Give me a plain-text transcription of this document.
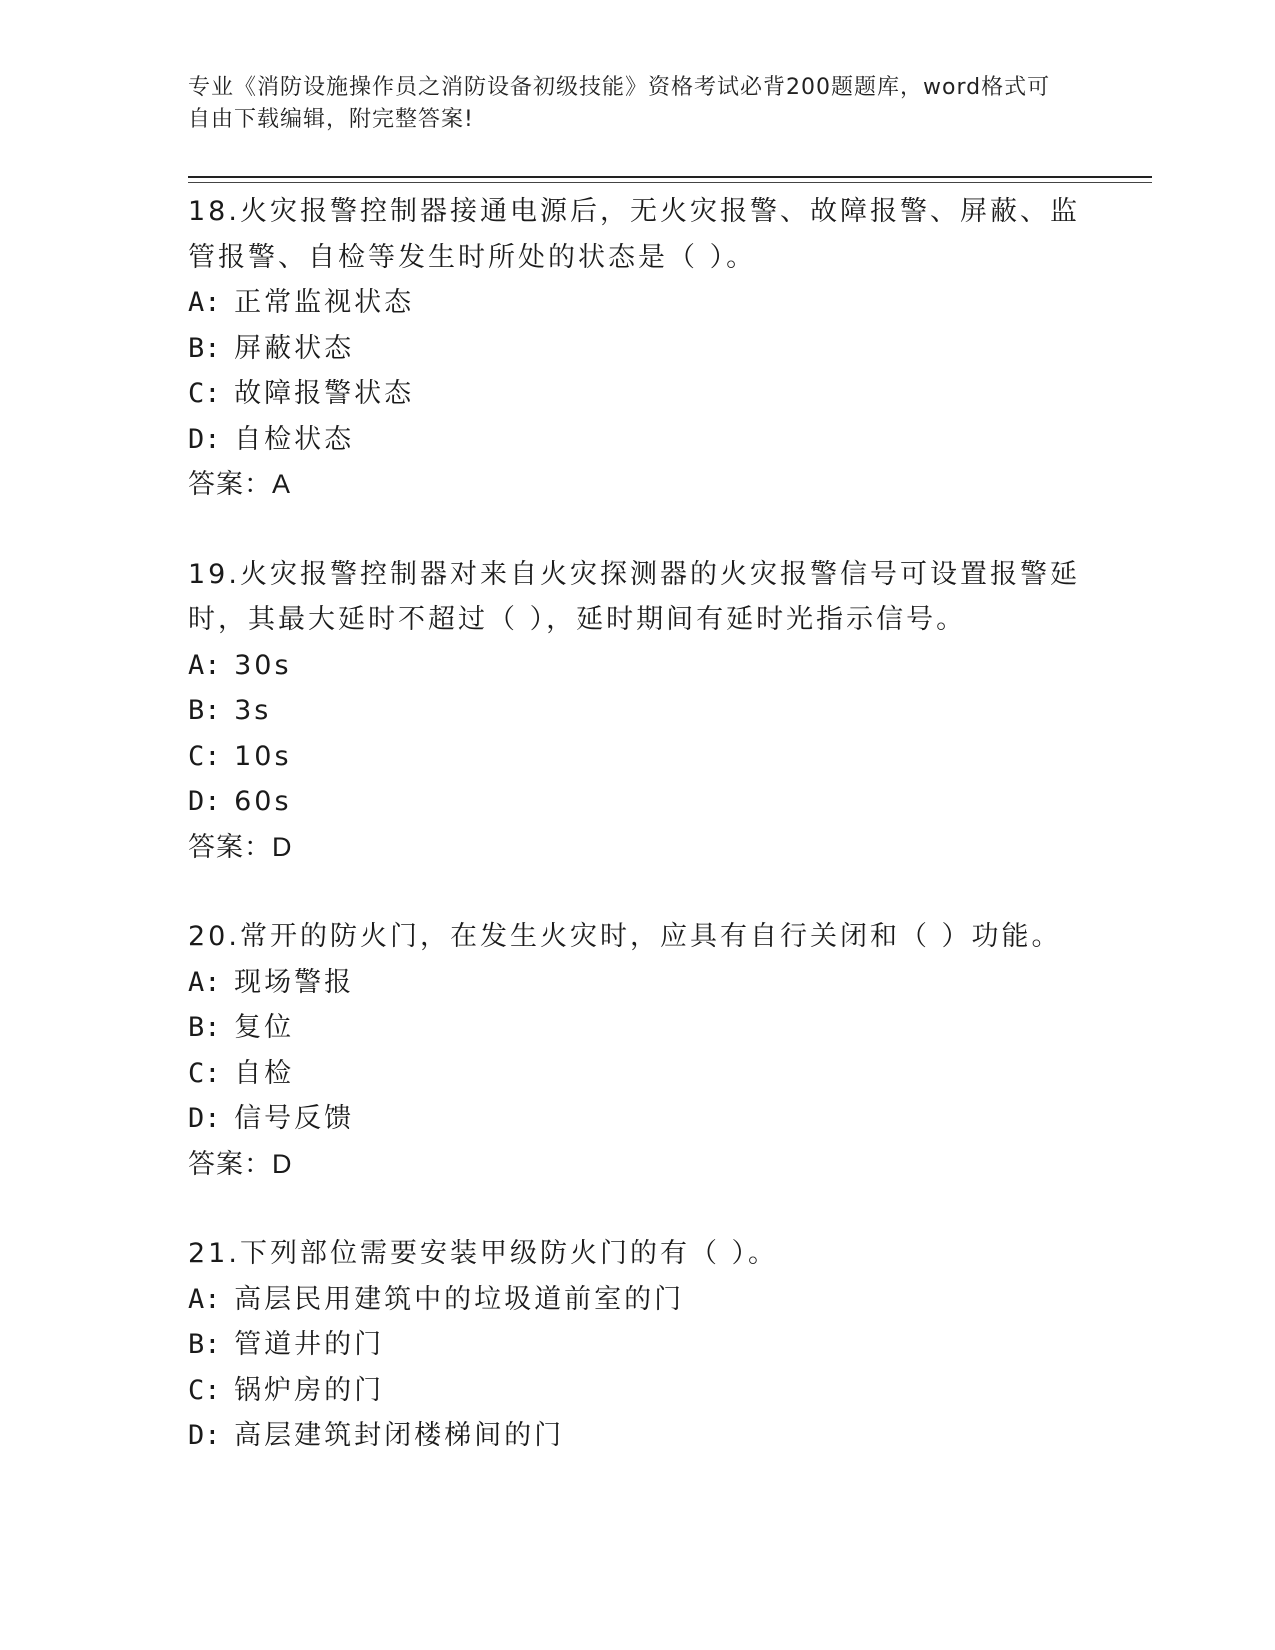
专业《消防设施操作员之消防设备初级技能》资格考试必背200题题库，word格式可自由下载编辑，附完整答案!

18.火灾报警控制器接通电源后，无火灾报警、故障报警、屏蔽、监管报警、自检等发生时所处的状态是（ ）。

A: 正常监视状态

B: 屏蔽状态

C: 故障报警状态

D: 自检状态

答案：A

19.火灾报警控制器对来自火灾探测器的火灾报警信号可设置报警延时，其最大延时不超过（ ），延时期间有延时光指示信号。

A: 30s

B: 3s

C: 10s

D: 60s

答案：D

20.常开的防火门，在发生火灾时，应具有自行关闭和（ ）功能。

A: 现场警报

B: 复位

C: 自检

D: 信号反馈

答案：D

21.下列部位需要安装甲级防火门的有（ ）。

A: 高层民用建筑中的垃圾道前室的门

B: 管道井的门

C: 锅炉房的门

D: 高层建筑封闭楼梯间的门
